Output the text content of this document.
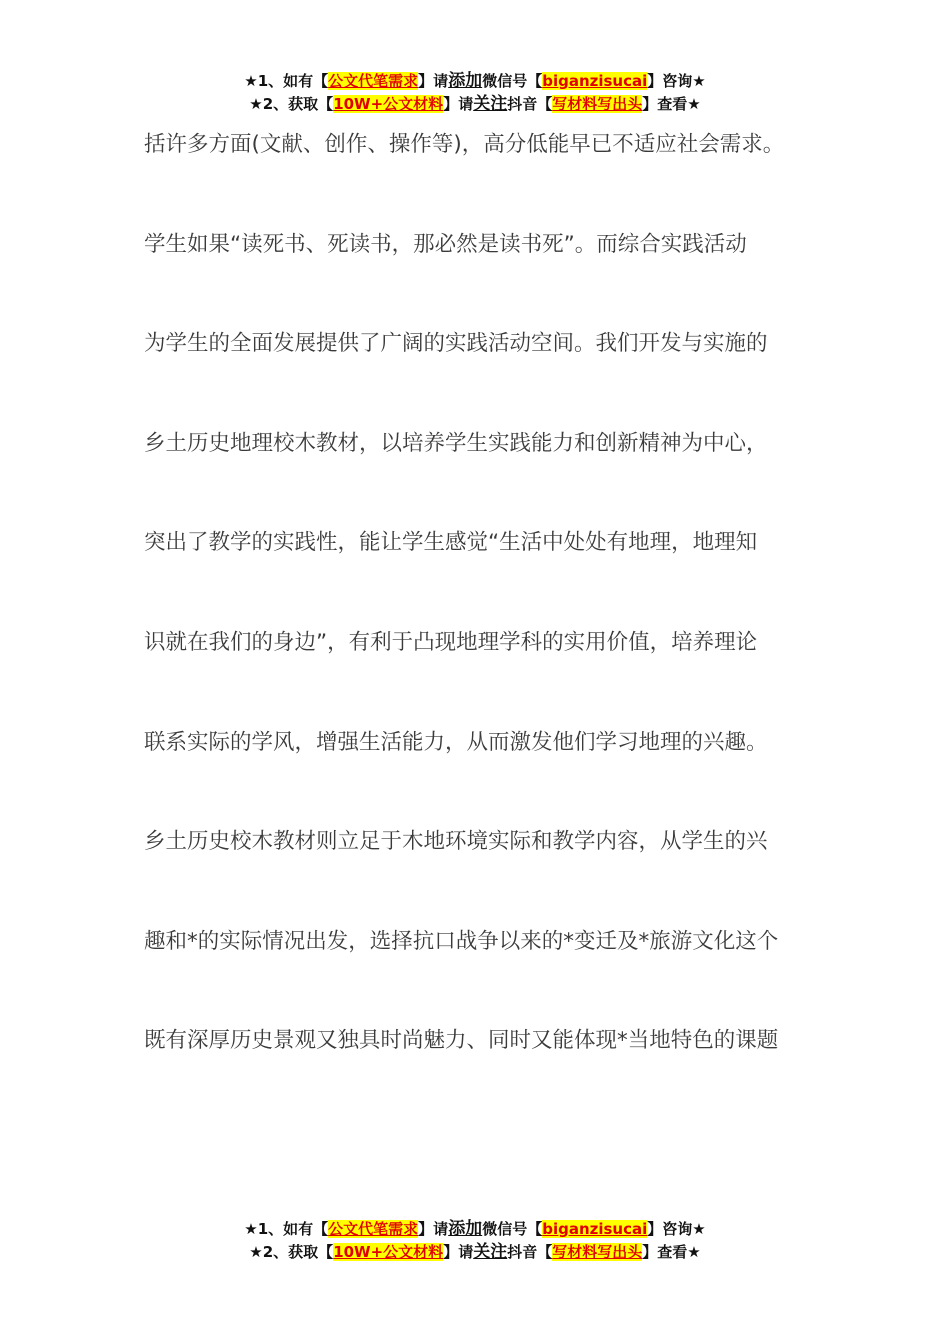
★1、如有【公文代笔需求】请添加微信号【biganzisucai】咨询★
★2、获取【10W+公文材料】请关注抖音【写材料写出头】查看★
括许多方面(文献、创作、操作等)，高分低能早已不适应社会需求。
学生如果“读死书、死读书，那必然是读书死”。而综合实践活动
为学生的全面发展提供了广阔的实践活动空间。我们开发与实施的
乡土历史地理校木教材，以培养学生实践能力和创新精神为中心，
突出了教学的实践性，能让学生感觉“生活中处处有地理，地理知
识就在我们的身边”，有利于凸现地理学科的实用价值，培养理论
联系实际的学风，增强生活能力，从而激发他们学习地理的兴趣。
乡土历史校木教材则立足于木地环境实际和教学内容，从学生的兴
趣和*的实际情况出发，选择抗口战争以来的*变迁及*旅游文化这个
既有深厚历史景观又独具时尚魅力、同时又能体现*当地特色的课题
★1、如有【公文代笔需求】请添加微信号【biganzisucai】咨询★
★2、获取【10W+公文材料】请关注抖音【写材料写出头】查看★
